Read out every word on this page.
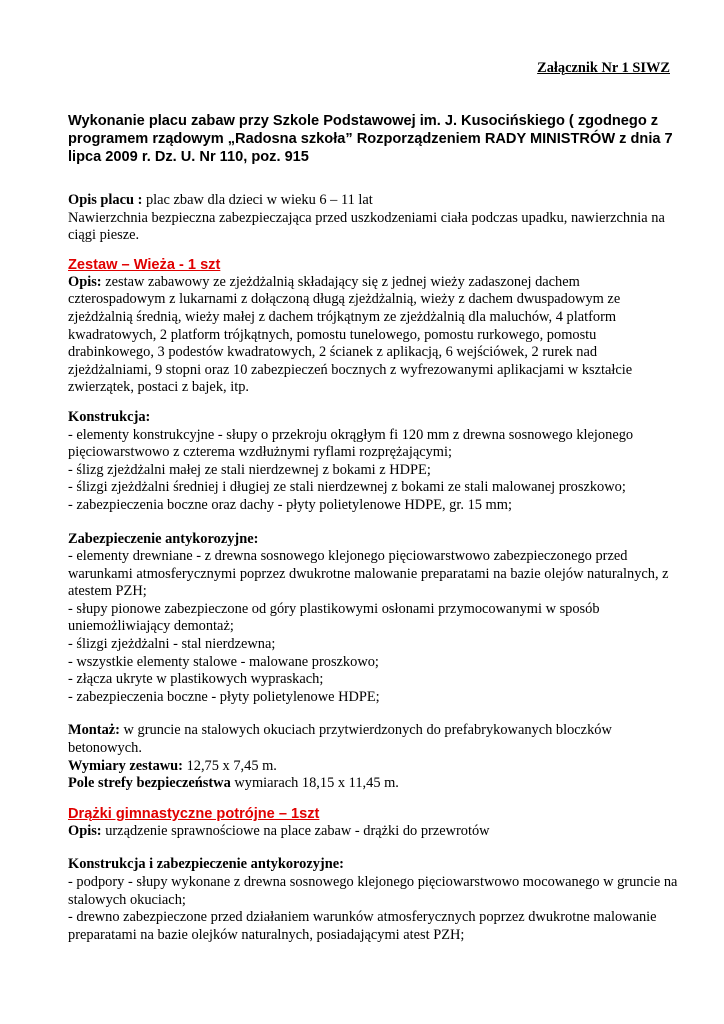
Załącznik Nr 1 SIWZ

Wykonanie placu zabaw przy Szkole Podstawowej im. J. Kusocińskiego ( zgodnego z programem rządowym „Radosna szkoła” Rozporządzeniem RADY MINISTRÓW z dnia 7 lipca 2009 r. Dz. U. Nr 110, poz. 915

Opis placu : plac zbaw dla dzieci w wieku 6 – 11 lat

Nawierzchnia bezpieczna zabezpieczająca przed uszkodzeniami ciała podczas upadku, nawierzchnia na ciągi piesze.

Zestaw – Wieża - 1 szt

Opis: zestaw zabawowy ze zjeżdżalnią składający się z jednej wieży zadaszonej dachem czterospadowym z lukarnami z dołączoną długą zjeżdżalnią, wieży z dachem dwuspadowym ze zjeżdżalnią średnią, wieży małej z dachem trójkątnym ze zjeżdżalnią dla maluchów, 4 platform kwadratowych, 2 platform trójkątnych, pomostu tunelowego, pomostu rurkowego, pomostu drabinkowego, 3 podestów kwadratowych, 2 ścianek z aplikacją, 6 wejściówek, 2 rurek nad zjeżdżalniami, 9 stopni oraz 10 zabezpieczeń bocznych z wyfrezowanymi aplikacjami w kształcie zwierzątek, postaci z bajek, itp.

Konstrukcja:

- elementy konstrukcyjne - słupy o przekroju okrągłym fi 120 mm z drewna sosnowego klejonego pięciowarstwowo z czterema wzdłużnymi ryflami rozprężającymi;
- ślizg zjeżdżalni małej ze stali nierdzewnej z bokami z HDPE;
- ślizgi zjeżdżalni średniej i długiej ze stali nierdzewnej z bokami ze stali malowanej proszkowo;
- zabezpieczenia boczne oraz dachy - płyty polietylenowe HDPE, gr. 15 mm;

Zabezpieczenie antykorozyjne:

- elementy drewniane - z drewna sosnowego klejonego pięciowarstwowo zabezpieczonego przed warunkami atmosferycznymi poprzez dwukrotne malowanie preparatami na bazie olejów naturalnych, z atestem PZH;
- słupy pionowe zabezpieczone od góry plastikowymi osłonami przymocowanymi w sposób uniemożliwiający demontaż;
- ślizgi zjeżdżalni - stal nierdzewna;
- wszystkie elementy stalowe - malowane proszkowo;
- złącza ukryte w plastikowych wypraskach;
- zabezpieczenia boczne - płyty polietylenowe HDPE;

Montaż: w gruncie na stalowych okuciach przytwierdzonych do prefabrykowanych bloczków betonowych.

Wymiary zestawu: 12,75 x 7,45 m.

Pole strefy bezpieczeństwa wymiarach 18,15 x 11,45 m.

Drążki gimnastyczne potrójne – 1szt

Opis: urządzenie sprawnościowe na place zabaw - drążki do przewrotów

Konstrukcja i zabezpieczenie antykorozyjne:

- podpory - słupy wykonane z drewna sosnowego klejonego pięciowarstwowo mocowanego w gruncie na stalowych okuciach;
- drewno zabezpieczone przed działaniem warunków atmosferycznych poprzez dwukrotne malowanie preparatami na bazie olejków naturalnych, posiadającymi atest PZH;
